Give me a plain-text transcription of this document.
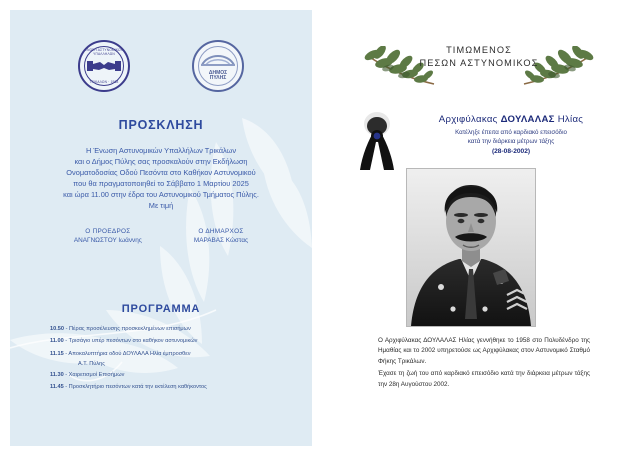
ΕΝΩΣΗ ΑΣΤΥΝΟΜΙΚΩΝ ΥΠΑΛΛΗΛΩΝ
ΤΡΙΚΑΛΩΝ · 1988
ΔΗΜΟΣ
ΠΥΛΗΣ
ΠΡΟΣΚΛΗΣΗ
Η Ένωση Αστυνομικών Υπαλλήλων Τρικάλων
και ο Δήμος Πύλης σας προσκαλούν στην Εκδήλωση
Ονοματοδοσίας Οδού Πεσόντα στο Καθήκον Αστυνομικού
που θα πραγματοποιηθεί το Σάββατο 1 Μαρτίου 2025
και ώρα 11.00 στην έδρα του Αστυνομικού Τμήματος Πύλης.
Με τιμή
Ο ΠΡΟΕΔΡΟΣ
ΑΝΑΓΝΩΣΤΟΥ Ιωάννης
Ο ΔΗΜΑΡΧΟΣ
ΜΑΡΑΒΑΣ Κώστας
ΠΡΟΓΡΑΜΜΑ
10.50 - Πέρας προσέλευσης προσκεκλημένων επισήμων
11.00 - Τρισάγιο υπέρ πεσόντων στο καθήκον αστυνομικών
11.15 - Αποκαλυπτήρια οδού ΔΟΥΛΑΛΑ Ηλία έμπροσθεν
Α.Τ. Πύλης
11.30 - Χαιρετισμοί Επισήμων
11.45 - Προσκλητήριο πεσόντων κατά την εκτέλεση καθήκοντος
ΤΙΜΩΜΕΝΟΣ
ΠΕΣΩΝ ΑΣΤΥΝΟΜΙΚΟΣ
Αρχιφύλακας ΔΟΥΛΑΛΑΣ Ηλίας
Κατέληξε έπειτα από καρδιακό επεισόδιο
κατά την διάρκεια μέτρων τάξης
(28-08-2002)

Ο Αρχιφύλακας ΔΟΥΛΑΛΑΣ Ηλίας γεννήθηκε το 1958 στο Πολυδένδρο της Ημαθίας και το 2002 υπηρετούσε ως Αρχιφύλακας στον Αστυνομικό Σταθμό Φήκης Τρικάλων.

Έχασε τη ζωή του από καρδιακό επεισόδιο κατά την διάρκεια μέτρων τάξης την 28η Αυγούστου 2002.
